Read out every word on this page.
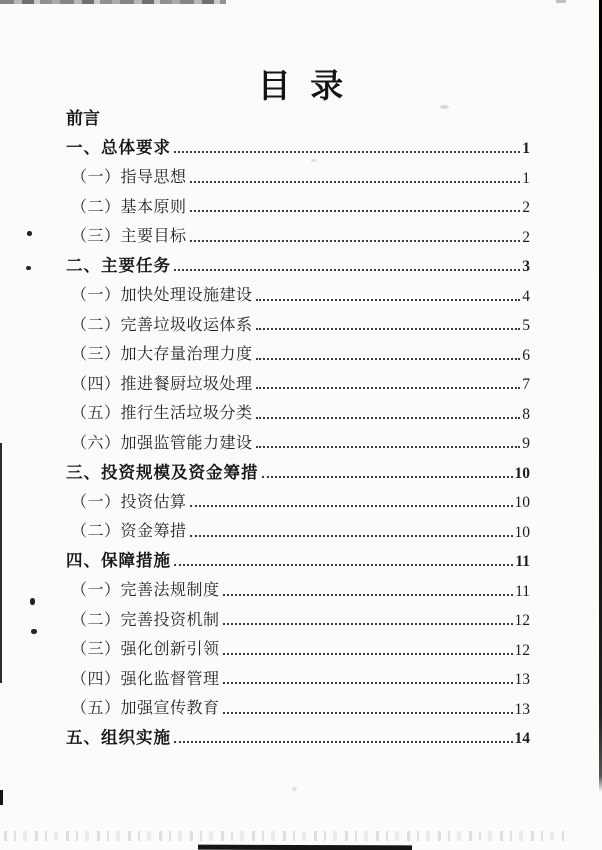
目  录
前言
一、总体要求	1
（一）指导思想	1
（二）基本原则	2
（三）主要目标	2
二、主要任务	3
（一）加快处理设施建设	4
（二）完善垃圾收运体系	5
（三）加大存量治理力度	6
（四）推进餐厨垃圾处理	7
（五）推行生活垃圾分类	8
（六）加强监管能力建设	9
三、投资规模及资金筹措	10
（一）投资估算	10
（二）资金筹措	10
四、保障措施	11
（一）完善法规制度	11
（二）完善投资机制	12
（三）强化创新引领	12
（四）强化监督管理	13
（五）加强宣传教育	13
五、组织实施	14
